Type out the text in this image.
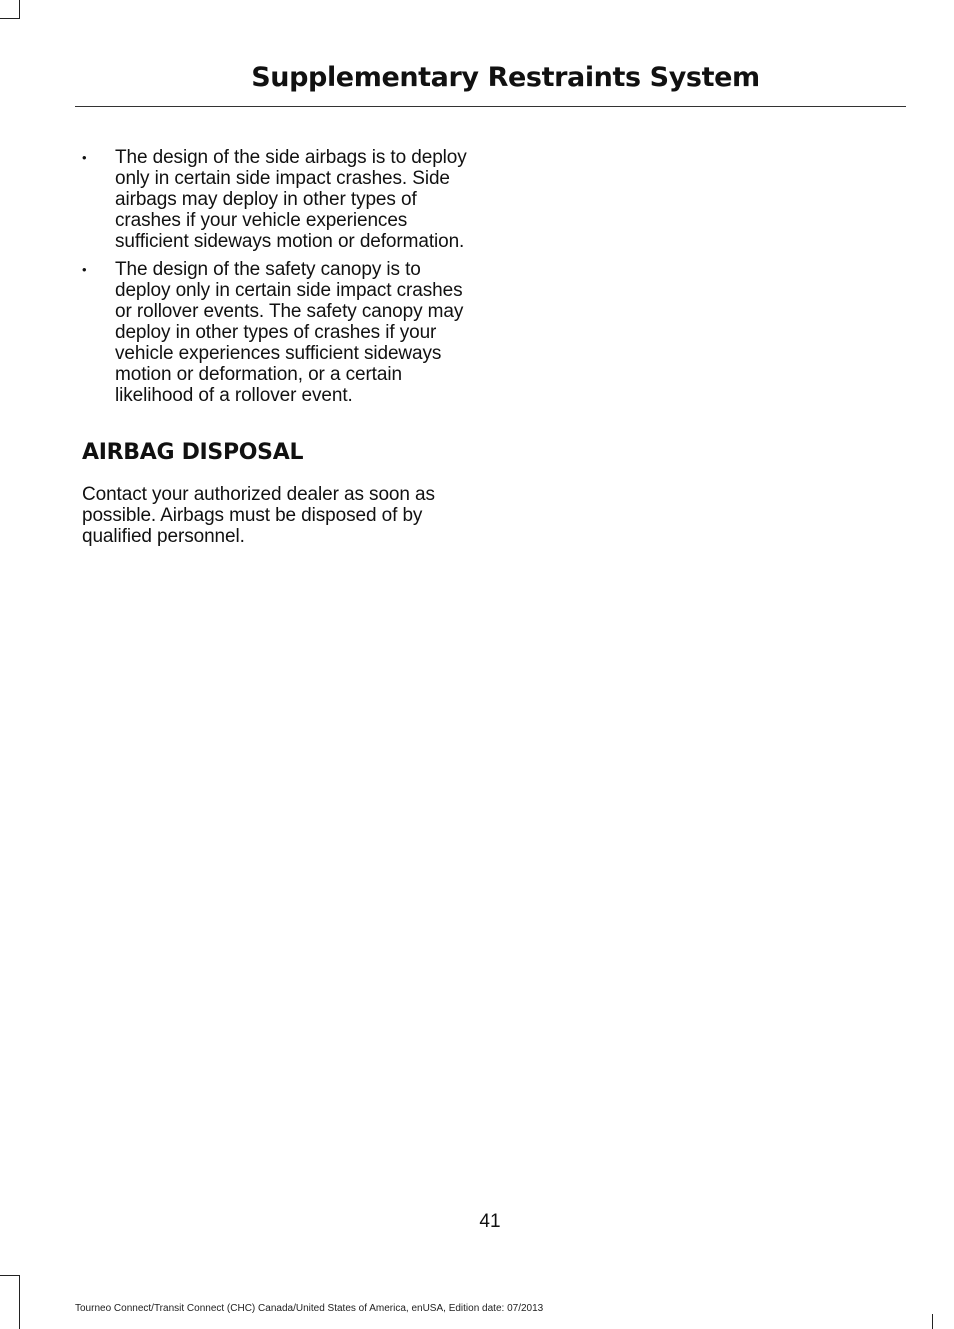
Supplementary Restraints System
• The design of the side airbags is to deploy only in certain side impact crashes. Side airbags may deploy in other types of crashes if your vehicle experiences sufficient sideways motion or deformation.
• The design of the safety canopy is to deploy only in certain side impact crashes or rollover events. The safety canopy may deploy in other types of crashes if your vehicle experiences sufficient sideways motion or deformation, or a certain likelihood of a rollover event.
AIRBAG DISPOSAL

Contact your authorized dealer as soon as possible. Airbags must be disposed of by qualified personnel.

41
Tourneo Connect/Transit Connect (CHC) Canada/United States of America, enUSA, Edition date: 07/2013
